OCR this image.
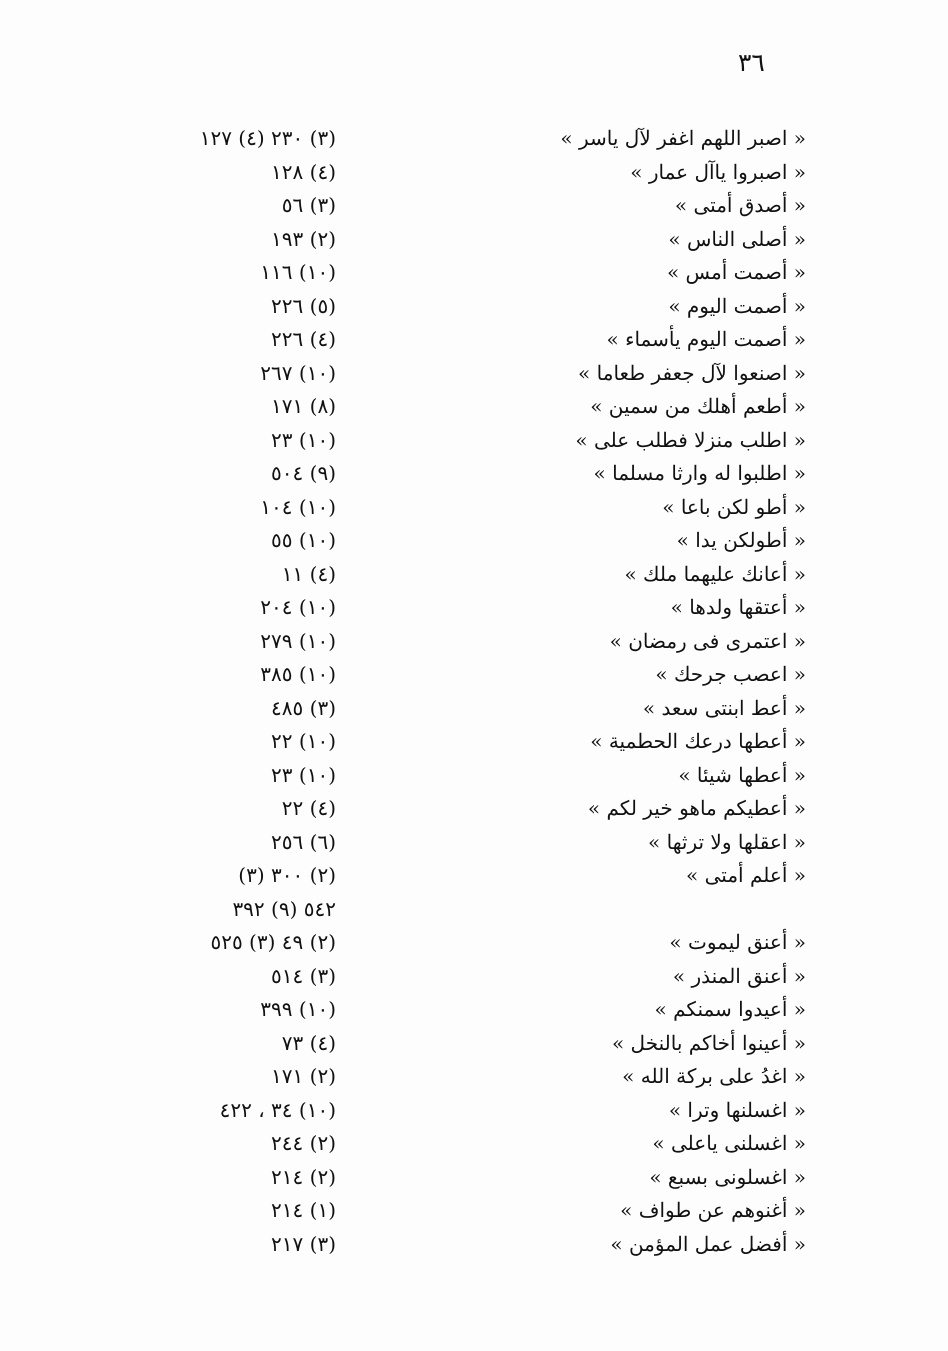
٣٦
« اصبر اللهم اغفر لآل ياسر »
(٣) ٢٣٠ (٤) ١٢٧
« اصبروا ياآل عمار »
(٤) ١٢٨
« أصدق أمتى »
(٣) ٥٦
« أصلى الناس »
(٢) ١٩٣
« أصمت أمس »
(١٠) ١١٦
« أصمت اليوم »
(٥) ٢٢٦
« أصمت اليوم يأسماء »
(٤) ٢٢٦
« اصنعوا لآل جعفر طعاما »
(١٠) ٢٦٧
« أطعم أهلك من سمين »
(٨) ١٧١
« اطلب منزلا فطلب على »
(١٠) ٢٣
« اطلبوا له وارثا مسلما »
(٩) ٥٠٤
« أطو لكن باعا »
(١٠) ١٠٤
« أطولكن يدا »
(١٠) ٥٥
« أعانك عليهما ملك »
(٤) ١١
« أعتقها ولدها »
(١٠) ٢٠٤
« اعتمرى فى رمضان »
(١٠) ٢٧٩
« اعصب جرحك »
(١٠) ٣٨٥
« أعط ابنتى سعد »
(٣) ٤٨٥
« أعطها درعك الحطمية »
(١٠) ٢٢
« أعطها شيئا »
(١٠) ٢٣
« أعطيكم ماهو خير لكم »
(٤) ٢٢
« اعقلها ولا ترثها »
(٦) ٢٥٦
« أعلم أمتى »
(٢) ٣٠٠ (٣)
٥٤٢ (٩) ٣٩٢
« أعنق ليموت »
(٢) ٤٩ (٣) ٥٢٥
« أعنق المنذر »
(٣) ٥١٤
« أعيدوا سمنكم »
(١٠) ٣٩٩
« أعينوا أخاكم بالنخل »
(٤) ٧٣
« اغدُ على بركة الله »
(٢) ١٧١
« اغسلنها وترا »
(١٠) ٣٤ ، ٤٢٢
« اغسلنى ياعلى »
(٢) ٢٤٤
« اغسلونى بسبع »
(٢) ٢١٤
« أغنوهم عن طواف »
(١) ٢١٤
« أفضل عمل المؤمن »
(٣) ٢١٧
